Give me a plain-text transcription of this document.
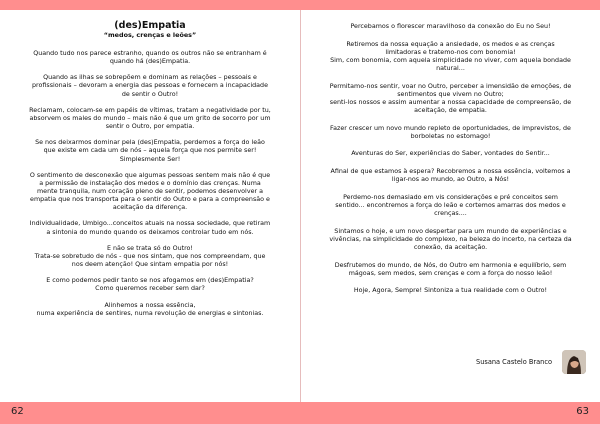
(des)Empatia
“medos, crenças e leões”

Quando tudo nos parece estranho, quando os outros não se entranham é
quando há (des)Empatia.

Quando as ilhas se sobrepõem e dominam as relações – pessoais e
profissionais – devoram a energia das pessoas e fornecem a incapacidade
de sentir o Outro!

Reclamam, colocam-se em papéis de vítimas, tratam a negatividade por tu,
absorvem os males do mundo – mais não é que um grito de socorro por um
sentir o Outro, por empatia.

Se nos deixarmos dominar pela (des)Empatia, perdemos a força do leão
que existe em cada um de nós – aquela força que nos permite ser!
Simplesmente Ser!

O sentimento de desconexão que algumas pessoas sentem mais não é que
a permissão de instalação dos medos e o domínio das crenças. Numa
mente tranquila, num coração pleno de sentir, podemos desenvolver a
empatia que nos transporta para o sentir do Outro e para a compreensão e
aceitação da diferença.

Individualidade, Umbigo...conceitos atuais na nossa sociedade, que retiram
a sintonia do mundo quando os deixamos controlar tudo em nós.

E não se trata só do Outro!
Trata-se sobretudo de nós - que nos sintam, que nos compreendam, que
nos deem atenção! Que sintam empatia por nós!

E como podemos pedir tanto se nos afogamos em (des)Empatia?
Como queremos receber sem dar?

Alinhemos a nossa essência,
numa experiência de sentires, numa revolução de energias e sintonias.

Percebamos o florescer maravilhoso da conexão do Eu no Seu!

Retiremos da nossa equação a ansiedade, os medos e as crenças
limitadoras e tratemo-nos com bonomia!
Sim, com bonomia, com aquela simplicidade no viver, com aquela bondade
natural...

Permitamo-nos sentir, voar no Outro, perceber a imensidão de emoções, de
sentimentos que vivem no Outro;
senti-los nossos e assim aumentar a nossa capacidade de compreensão, de
aceitação, de empatia.

Fazer crescer um novo mundo repleto de oportunidades, de imprevistos, de
borboletas no estomago!

Aventuras do Ser, experiências do Saber, vontades do Sentir...

Afinal de que estamos à espera? Recobremos a nossa essência, voltemos a
ligar-nos ao mundo, ao Outro, a Nós!

Perdemo-nos demasiado em vis considerações e pré conceitos sem
sentido... encontremos a força do leão e cortemos amarras dos medos e
crenças....

Sintamos o hoje, e um novo despertar para um mundo de experiências e
vivências, na simplicidade do complexo, na beleza do incerto, na certeza da
conexão, da aceitação.

Desfrutemos do mundo, de Nós, do Outro em harmonia e equilíbrio, sem
mágoas, sem medos, sem crenças e com a força do nosso leão!

Hoje, Agora, Sempre! Sintoniza a tua realidade com o Outro!

Susana Castelo Branco
62	63
